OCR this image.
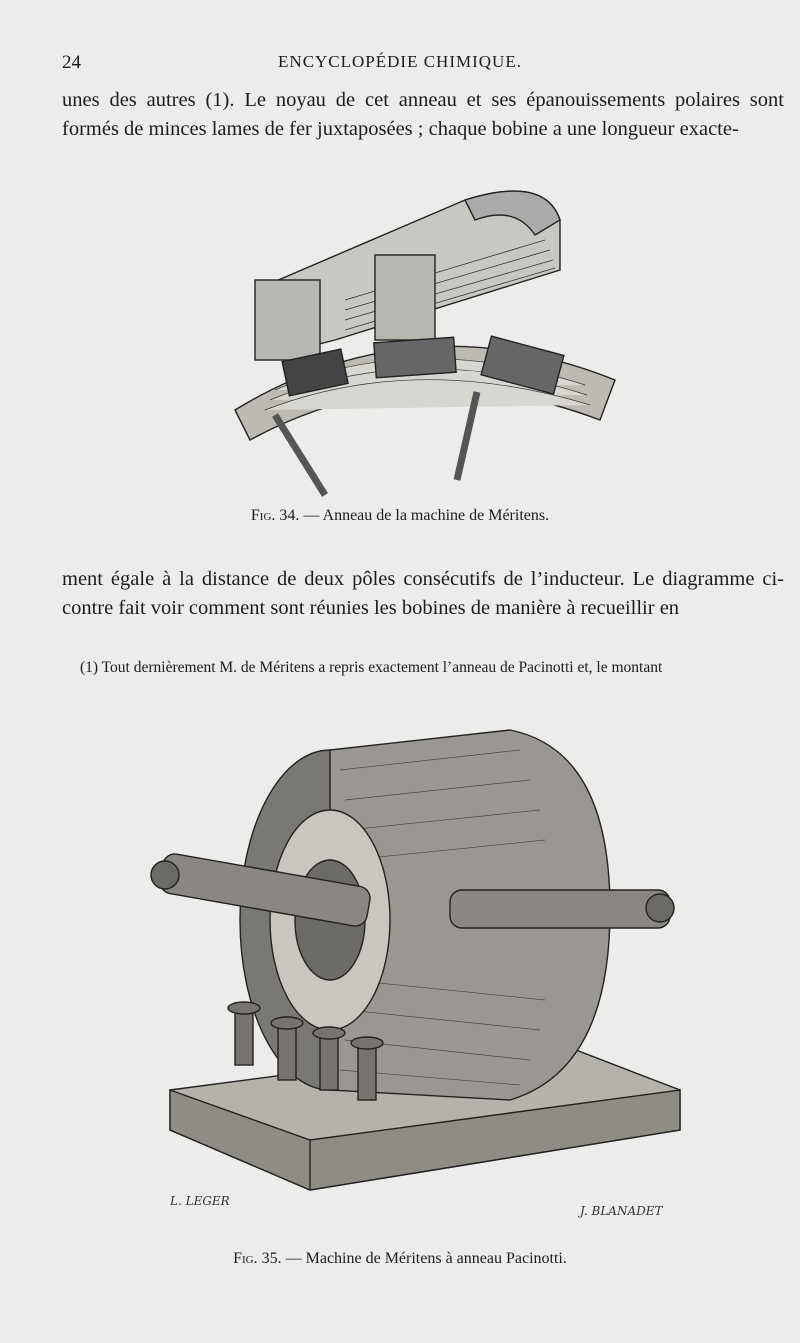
24	ENCYCLOPÉDIE CHIMIQUE.

unes des autres (1). Le noyau de cet anneau et ses épanouissements polaires sont formés de minces lames de fer juxtaposées ; chaque bobine a une longueur exacte-

Fig. 34. — Anneau de la machine de Méritens.

ment égale à la distance de deux pôles consécutifs de l’inducteur. Le diagramme ci-contre fait voir comment sont réunies les bobines de manière à recueillir en

(1) Tout dernièrement M. de Méritens a repris exactement l’anneau de Pacinotti et, le montant

L. LEGER
J. BLANADET

Fig. 35. — Machine de Méritens à anneau Pacinotti.
